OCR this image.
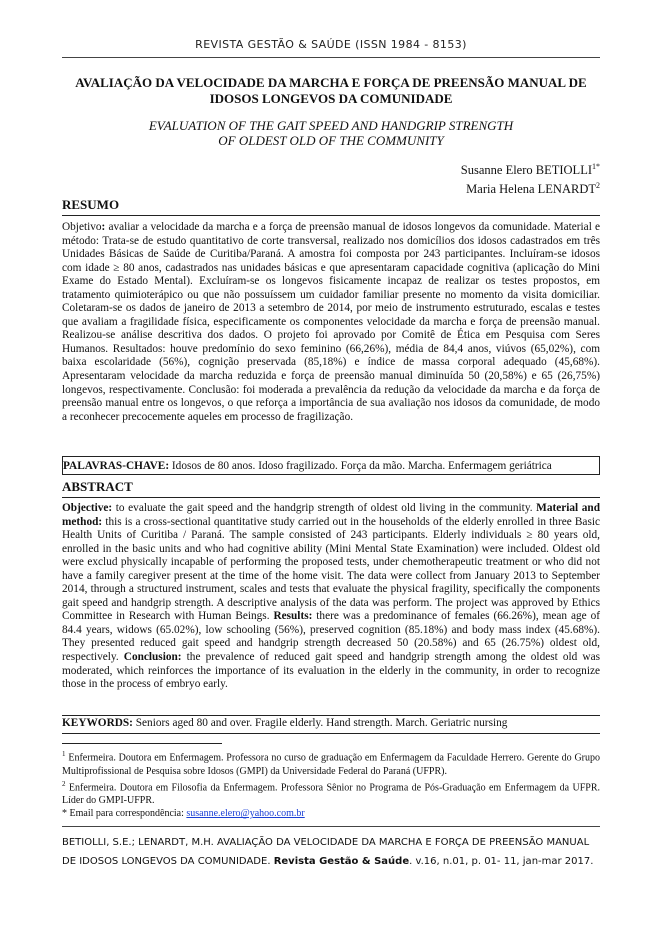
REVISTA GESTÃO & SAÚDE (ISSN 1984 - 8153)
AVALIAÇÃO DA VELOCIDADE DA MARCHA E FORÇA DE PREENSÃO MANUAL DE
IDOSOS LONGEVOS DA COMUNIDADE
EVALUATION OF THE GAIT SPEED AND HANDGRIP STRENGTH
OF OLDEST OLD OF THE COMMUNITY
Susanne Elero $BETIOLLI^{1*}$
Maria Helena LENARDT$^2$
RESUMO
Objetivo: avaliar a velocidade da marcha e a força de preensão manual de idosos longevos da comunidade. Material e método: Trata-se de estudo quantitativo de corte transversal, realizado nos domicílios dos idosos cadastrados em três Unidades Básicas de Saúde de Curitiba/Paraná. A amostra foi composta por 243 participantes. Incluíram-se idosos com idade ≥ 80 anos, cadastrados nas unidades básicas e que apresentaram capacidade cognitiva (aplicação do Mini Exame do Estado Mental). Excluíram-se os longevos fisicamente incapaz de realizar os testes propostos, em tratamento quimioterápico ou que não possuíssem um cuidador familiar presente no momento da visita domiciliar. Coletaram-se os dados de janeiro de 2013 a setembro de 2014, por meio de instrumento estruturado, escalas e testes que avaliam a fragilidade física, especificamente os componentes velocidade da marcha e força de preensão manual. Realizou-se análise descritiva dos dados. O projeto foi aprovado por Comitê de Ética em Pesquisa com Seres Humanos. Resultados: houve predomínio do sexo feminino (66,26%), média de 84,4 anos, viúvos (65,02%), com baixa escolaridade (56%), cognição preservada (85,18%) e índice de massa corporal adequado (45,68%). Apresentaram velocidade da marcha reduzida e força de preensão manual diminuída 50 (20,58%) e 65 (26,75%) longevos, respectivamente. Conclusão: foi moderada a prevalência da redução da velocidade da marcha e da força de preensão manual entre os longevos, o que reforça a importância de sua avaliação nos idosos da comunidade, de modo a reconhecer precocemente aqueles em processo de fragilização.
PALAVRAS-CHAVE: Idosos de 80 anos. Idoso fragilizado. Força da mão. Marcha. Enfermagem geriátrica
ABSTRACT
Objective: to evaluate the gait speed and the handgrip strength of oldest old living in the community. Material and method: this is a cross-sectional quantitative study carried out in the households of the elderly enrolled in three Basic Health Units of Curitiba / Paraná. The sample consisted of 243 participants. Elderly individuals ≥ 80 years old, enrolled in the basic units and who had cognitive ability (Mini Mental State Examination) were included. Oldest old were exclud physically incapable of performing the proposed tests, under chemotherapeutic treatment or who did not have a family caregiver present at the time of the home visit. The data were collect from January 2013 to September 2014, through a structured instrument, scales and tests that evaluate the physical fragility, specifically the components gait speed and handgrip strength. A descriptive analysis of the data was perform. The project was approved by Ethics Committee in Research with Human Beings. Results: there was a predominance of females (66.26%), mean age of 84.4 years, widows (65.02%), low schooling (56%), preserved cognition (85.18%) and body mass index (45.68%). They presented reduced gait speed and handgrip strength decreased 50 (20.58%) and 65 (26.75%) oldest old, respectively. Conclusion: the prevalence of reduced gait speed and handgrip strength among the oldest old was moderated, which reinforces the importance of its evaluation in the elderly in the community, in order to recognize those in the process of embryo early.
KEYWORDS: Seniors aged 80 and over. Fragile elderly. Hand strength. March. Geriatric nursing

$^1$ Enfermeira. Doutora em Enfermagem. Professora no curso de graduação em Enfermagem da Faculdade Herrero. Gerente do Grupo Multiprofissional de Pesquisa sobre Idosos (GMPI) da Universidade Federal do Paraná (UFPR).

$^2$ Enfermeira. Doutora em Filosofia da Enfermagem. Professora Sênior no Programa de Pós-Graduação em Enfermagem da UFPR. Líder do GMPI-UFPR.

* Email para correspondência: susanne.elero@yahoo.com.br

BETIOLLI, S.E.; LENARDT, M.H. AVALIAÇÃO DA VELOCIDADE DA MARCHA E FORÇA DE PREENSÃO MANUAL
DE IDOSOS LONGEVOS DA COMUNIDADE. Revista Gestão & Saúde. v.16, n.01, p. 01- 11, jan-mar 2017.
